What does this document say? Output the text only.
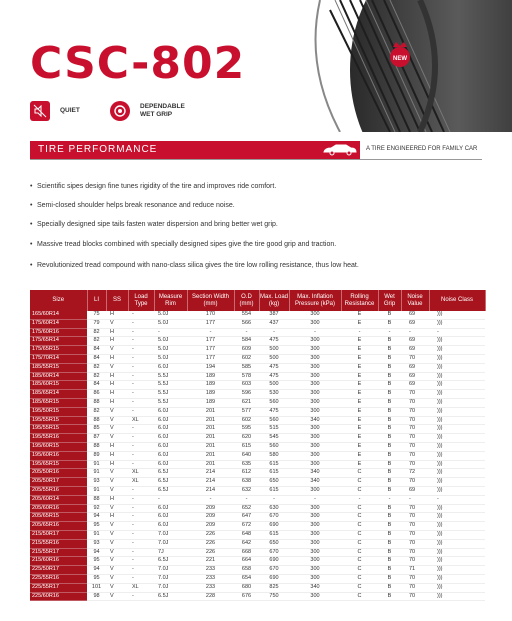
CSC-802	NEW
QUIET
DEPENDABLE
WET GRIP
TIRE PERFORMANCE	A TIRE ENGINEERED FOR FAMILY CAR
• Scientific sipes design fine tunes rigidity of the tire and improves ride comfort.
• Semi-closed shoulder helps break resonance and reduce noise.
• Specially designed sipe tails fasten water dispersion and bring better wet grip.
• Massive tread blocks combined with specially designed sipes give the tire good grip and traction.
• Revolutionized tread compound with nano-class silica gives the tire low rolling resistance, thus low heat.
Size	LI	SS	Load Type	Measure Rim	Section Width (mm)	O.D (mm)	Max. Load (kg)	Max. Inflation Pressure (kPa)	Rolling Resistance	Wet Grip	Noise Value	Noise Class
165/60R14	75	H	-	5.0J	170	554	387	300	E	B	69	)))
175/60R14	79	V	-	5.0J	177	566	437	300	E	B	69	)))
175/60R16	82	H	-	-	-	-	-	-	-	-	-	-
175/65R14	82	H	-	5.0J	177	584	475	300	E	B	69	)))
175/65R15	84	V	-	5.0J	177	609	500	300	E	B	69	)))
175/70R14	84	H	-	5.0J	177	602	500	300	E	B	70	)))
185/55R15	82	V	-	6.0J	194	585	475	300	E	B	69	)))
185/60R14	82	H	-	5.5J	189	578	475	300	E	B	69	)))
185/60R15	84	H	-	5.5J	189	603	500	300	E	B	69	)))
185/65R14	86	H	-	5.5J	189	596	530	300	E	B	70	)))
185/65R15	88	H	-	5.5J	189	621	560	300	E	B	70	)))
195/50R15	82	V	-	6.0J	201	577	475	300	E	B	70	)))
195/55R15	88	V	XL	6.0J	201	602	560	340	E	B	70	)))
195/55R15	85	V	-	6.0J	201	595	515	300	E	B	70	)))
195/55R16	87	V	-	6.0J	201	620	545	300	E	B	70	)))
195/60R15	88	H	-	6.0J	201	615	560	300	E	B	70	)))
195/60R16	89	H	-	6.0J	201	640	580	300	E	B	70	)))
195/65R15	91	H	-	6.0J	201	635	615	300	E	B	70	)))
205/50R16	91	V	XL	6.5J	214	612	615	340	C	B	72	)))
205/50R17	93	V	XL	6.5J	214	638	650	340	C	B	70	)))
205/55R16	91	V	-	6.5J	214	632	615	300	C	B	69	)))
205/60R14	88	H	-	-	-	-	-	-	-	-	-	-
205/60R16	92	V	-	6.0J	209	652	630	300	C	B	70	)))
205/65R15	94	H	-	6.0J	209	647	670	300	C	B	70	)))
205/65R16	95	V	-	6.0J	209	672	690	300	C	B	70	)))
215/50R17	91	V	-	7.0J	226	648	615	300	C	B	70	)))
215/55R16	93	V	-	7.0J	226	642	650	300	C	B	70	)))
215/55R17	94	V	-	7J	226	668	670	300	C	B	70	)))
215/60R16	95	V	-	6.5J	221	664	690	300	C	B	70	)))
225/50R17	94	V	-	7.0J	233	658	670	300	C	B	71	)))
225/55R16	95	V	-	7.0J	233	654	690	300	C	B	70	)))
225/55R17	101	V	XL	7.0J	233	680	825	340	C	B	70	)))
225/60R16	98	V	-	6.5J	228	676	750	300	C	B	70	)))
